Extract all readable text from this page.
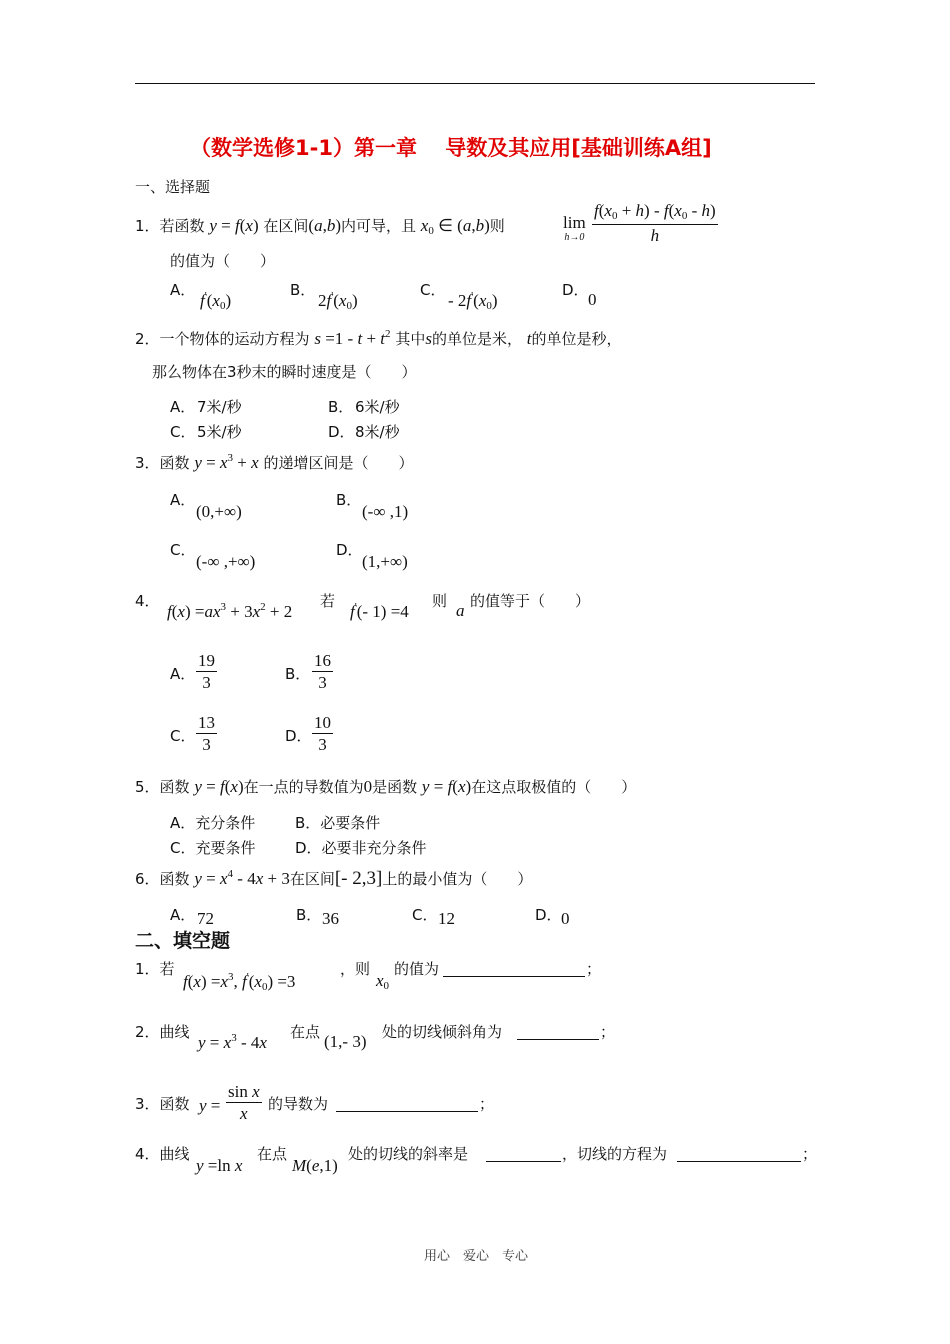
（数学选修1-1）第一章　 导数及其应用[基础训练A组]
一、选择题
1．若函数 y = f(x) 在区间(a,b)内可导，且 $x_0$ ∈ (a,b)则	lim
$h\to 0 \frac{f(x_0 + h) - f(x_0 - h)}{h}$
的值为（　　）
A．
$f'(x_0)$
B．
$2f'(x_0)$
C．
- $2f'(x_0)$
D． 0
2．一个物体的运动方程为 $s =1 - t + t^2$ 其中s的单位是米， t的单位是秒，
那么物体在3秒末的瞬时速度是（　　）
A． 7米/秒	B． 6米/秒
C． 5米/秒	D． 8米/秒
3．函数 $y = x^3 + x$ 的递增区间是（　　）
A．
(0,+∞)
B．
(-∞ ,1)
C．
(-∞ ,+∞)
D．
(1,+∞)
4．
$f(x) =ax^3 + 3x^2 + 2$
若
f'(- 1) =4
则 a 的值等于（　　）
A． $\frac{19}{3}$	B． $\frac{16}{3}$
C． $\frac{13}{3}$	D． $\frac{10}{3}$
5．函数 y = f(x)在一点的导数值为0是函数 y = f(x)在这点取极值的（　　）
A．充分条件	B．必要条件
C．充要条件	D．必要非充分条件
6．函数 $y = x^4 - 4x + 3$在区间[- 2,3]上的最小值为（　　）
A． 72	B． 36	C． 12	D． 0
二、填空题
1．若
$f(x) =x^3$, $f'(x_0) =3$
，则
$x_0$
的值为	；
2．曲线
$y = x^3 - 4x$
在点 (1,- 3) 处的切线倾斜角为	；
3．函数 $y = \frac{\text{sin x}}{x}$ 的导数为	；
4．曲线
y =ln x
在点
M(e,1)
处的切线的斜率是	，切线的方程为	；
用心　爱心　专心
